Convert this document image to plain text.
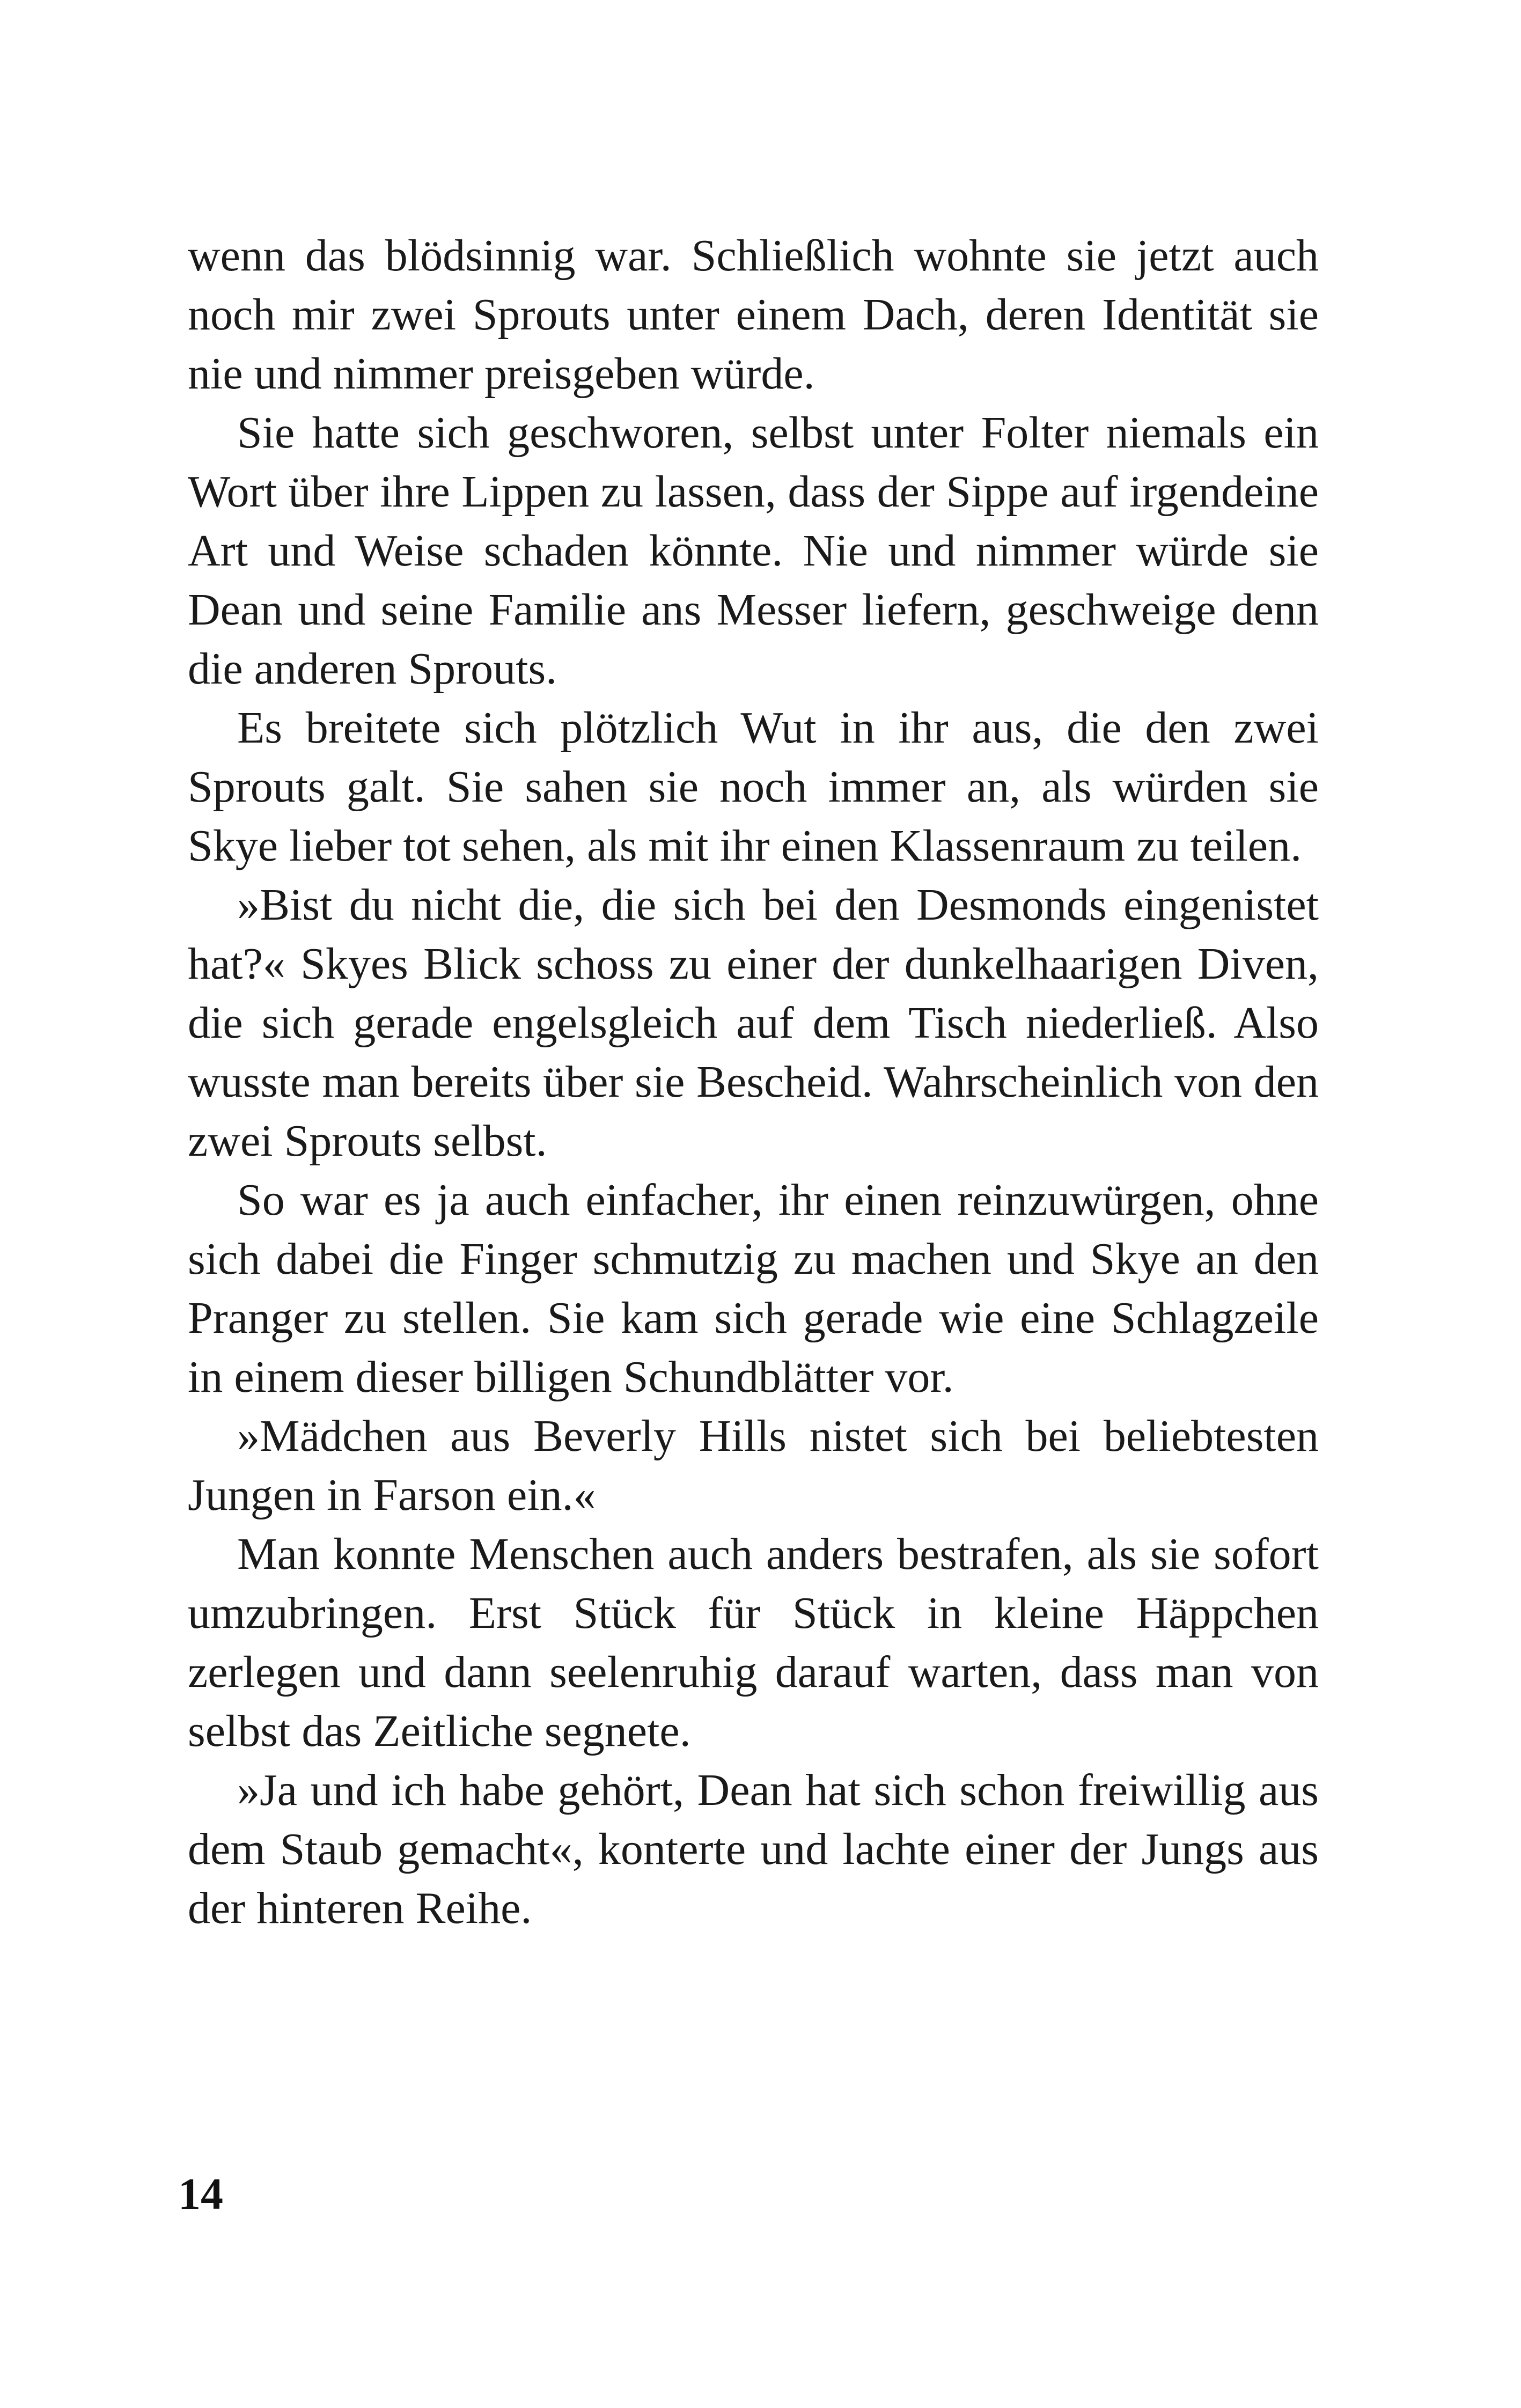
wenn das blödsinnig war. Schließlich wohnte sie jetzt auch noch mir zwei Sprouts unter einem Dach, deren Identität sie nie und nimmer preisgeben würde.

Sie hatte sich geschworen, selbst unter Folter niemals ein Wort über ihre Lippen zu lassen, dass der Sippe auf irgendeine Art und Weise schaden könnte. Nie und nimmer würde sie Dean und seine Familie ans Messer liefern, geschweige denn die anderen Sprouts.

Es breitete sich plötzlich Wut in ihr aus, die den zwei Sprouts galt. Sie sahen sie noch immer an, als würden sie Skye lieber tot sehen, als mit ihr einen Klassenraum zu teilen.

»Bist du nicht die, die sich bei den Desmonds eingenistet hat?« Skyes Blick schoss zu einer der dunkelhaarigen Diven, die sich gerade engelsgleich auf dem Tisch niederließ. Also wusste man bereits über sie Bescheid. Wahrscheinlich von den zwei Sprouts selbst.

So war es ja auch einfacher, ihr einen reinzuwürgen, ohne sich dabei die Finger schmutzig zu machen und Skye an den Pranger zu stellen. Sie kam sich gerade wie eine Schlagzeile in einem dieser billigen Schundblätter vor.

»Mädchen aus Beverly Hills nistet sich bei beliebtesten Jungen in Farson ein.«

Man konnte Menschen auch anders bestrafen, als sie sofort umzubringen. Erst Stück für Stück in kleine Häppchen zerlegen und dann seelenruhig darauf warten, dass man von selbst das Zeitliche segnete.

»Ja und ich habe gehört, Dean hat sich schon freiwillig aus dem Staub gemacht«, konterte und lachte einer der Jungs aus der hinteren Reihe.

14
